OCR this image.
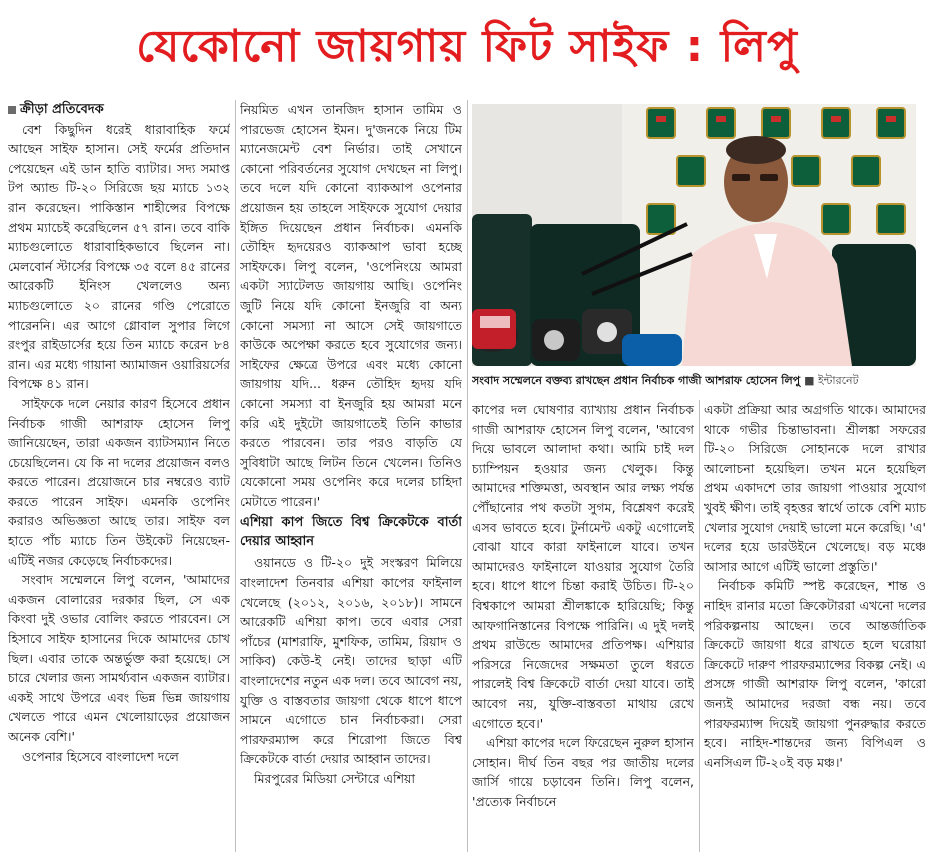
যেকোনো জায়গায় ফিট সাইফ : লিপু
ক্রীড়া প্রতিবেদক

বেশ কিছুদিন ধরেই ধারাবাহিক ফর্মে আছেন সাইফ হাসান। সেই ফর্মের প্রতিদান পেয়েছেন এই ডান হাতি ব্যাটার। সদ্য সমাপ্ত টপ অ্যান্ড টি-২০ সিরিজে ছয় ম্যাচে ১৩২ রান করেছেন। পাকিস্তান শাহীন্সের বিপক্ষে প্রথম ম্যাচেই করেছিলেন ৫৭ রান। তবে বাকি ম্যাচগুলোতে ধারাবাহিকভাবে ছিলেন না। মেলবোর্ন স্টার্সের বিপক্ষে ৩৫ বলে ৪৫ রানের আরেকটি ইনিংস খেললেও অন্য ম্যাচগুলোতে ২০ রানের গণ্ডি পেরোতে পারেননি। এর আগে গ্লোবাল সুপার লিগে রংপুর রাইডার্সের হয়ে তিন ম্যাচে করেন ৮৪ রান। এর মধ্যে গায়ানা অ্যামাজন ওয়ারিয়র্সের বিপক্ষে ৪১ রান।

সাইফকে দলে নেয়ার কারণ হিসেবে প্রধান নির্বাচক গাজী আশরাফ হোসেন লিপু জানিয়েছেন, তারা একজন ব্যাটসম্যান নিতে চেয়েছিলেন। যে কি না দলের প্রয়োজন বলও করতে পারেন। প্রয়োজনে চার নম্বরেও ব্যাট করতে পারেন সাইফ। এমনকি ওপেনিং করারও অভিজ্ঞতা আছে তার। সাইফ বল হাতে পাঁচ ম্যাচে তিন উইকেট নিয়েছেন- এটিই নজর কেড়েছে নির্বাচকদের।

সংবাদ সম্মেলনে লিপু বলেন, 'আমাদের একজন বোলারের দরকার ছিল, সে এক কিংবা দুই ওভার বোলিং করতে পারবেন। সে হিসাবে সাইফ হাসানের দিকে আমাদের চোখ ছিল। এবার তাকে অন্তর্ভুক্ত করা হয়েছে। সে চারে খেলার জন্য সামর্থ্যবান একজন ব্যাটার। একই সাথে উপরে এবং ভিন্ন ভিন্ন জায়গায় খেলতে পারে এমন খেলোয়াড়ের প্রয়োজন অনেক বেশি।'

ওপেনার হিসেবে বাংলাদেশ দলে

নিয়মিত এখন তানজিদ হাসান তামিম ও পারভেজ হোসেন ইমন। দু'জনকে নিয়ে টিম ম্যানেজমেন্ট বেশ নির্ভার। তাই সেখানে কোনো পরিবর্তনের সুযোগ দেখছেন না লিপু। তবে দলে যদি কোনো ব্যাকআপ ওপেনার প্রয়োজন হয় তাহলে সাইফকে সুযোগ দেয়ার ইঙ্গিত দিয়েছেন প্রধান নির্বাচক। এমনকি তৌহিদ হৃদয়েরও ব্যাকআপ ভাবা হচ্ছে সাইফকে। লিপু বলেন, 'ওপেনিংয়ে আমরা একটা স্যাটেলড জায়গায় আছি। ওপেনিং জুটি নিয়ে যদি কোনো ইনজুরি বা অন্য কোনো সমস্যা না আসে সেই জায়গাতে কাউকে অপেক্ষা করতে হবে সুযোগের জন্য। সাইফের ক্ষেত্রে উপরে এবং মধ্যে কোনো জায়গায় যদি... ধরুন তৌহিদ হৃদয় যদি কোনো সমস্যা বা ইনজুরি হয় আমরা মনে করি এই দুইটো জায়গাতেই তিনি কাভার করতে পারবেন। তার পরও বাড়তি যে সুবিধাটা আছে লিটন তিনে খেলেন। তিনিও যেকোনো সময় ওপেনিং করে দলের চাহিদা মেটাতে পারেন।'

এশিয়া কাপ জিতে বিশ্ব ক্রিকেটকে বার্তা দেয়ার আহ্বান

ওয়ানডে ও টি-২০ দুই সংস্করণ মিলিয়ে বাংলাদেশ তিনবার এশিয়া কাপের ফাইনাল খেলেছে (২০১২, ২০১৬, ২০১৮)। সামনে আরেকটি এশিয়া কাপ। তবে এবার সেরা পাঁচের (মাশরাফি, মুশফিক, তামিম, রিয়াদ ও সাকিব) কেউ-ই নেই। তাদের ছাড়া এটি বাংলাদেশের নতুন এক দল। তবে আবেগ নয়, যুক্তি ও বাস্তবতার জায়গা থেকে ধাপে ধাপে সামনে এগোতে চান নির্বাচকরা। সেরা পারফরম্যান্স করে শিরোপা জিতে বিশ্ব ক্রিকেটকে বার্তা দেয়ার আহ্বান তাদের।

মিরপুরের মিডিয়া সেন্টারে এশিয়া

সংবাদ সম্মেলনে বক্তব্য রাখছেন প্রধান নির্বাচক গাজী আশরাফ হোসেন লিপু ■ ইন্টারনেট

কাপের দল ঘোষণার ব্যাখ্যায় প্রধান নির্বাচক গাজী আশরাফ হোসেন লিপু বলেন, 'আবেগ দিয়ে ভাবলে আলাদা কথা। আমি চাই দল চ্যাম্পিয়ন হওয়ার জন্য খেলুক। কিন্তু আমাদের শক্তিমত্তা, অবস্থান আর লক্ষ্য পর্যন্ত পৌঁছানোর পথ কতটা সুগম, বিশ্লেষণ করেই এসব ভাবতে হবে। টুর্নামেন্ট একটু এগোলেই বোঝা যাবে কারা ফাইনালে যাবে। তখন আমাদেরও ফাইনালে যাওয়ার সুযোগ তৈরি হবে। ধাপে ধাপে চিন্তা করাই উচিত। টি-২০ বিশ্বকাপে আমরা শ্রীলঙ্কাকে হারিয়েছি; কিন্তু আফগানিস্তানের বিপক্ষে পারিনি। এ দুই দলই প্রথম রাউন্ডে আমাদের প্রতিপক্ষ। এশিয়ার পরিসরে নিজেদের সক্ষমতা তুলে ধরতে পারলেই বিশ্ব ক্রিকেটে বার্তা দেয়া যাবে। তাই আবেগ নয়, যুক্তি-বাস্তবতা মাথায় রেখে এগোতে হবে।'

এশিয়া কাপের দলে ফিরেছেন নুরুল হাসান সোহান। দীর্ঘ তিন বছর পর জাতীয় দলের জার্সি গায়ে চড়াবেন তিনি। লিপু বলেন, 'প্রত্যেক নির্বাচনে

একটা প্রক্রিয়া আর অগ্রগতি থাকে। আমাদের থাকে গভীর চিন্তাভাবনা। শ্রীলঙ্কা সফরের টি-২০ সিরিজে সোহানকে দলে রাখার আলোচনা হয়েছিল। তখন মনে হয়েছিল প্রথম একাদশে তার জায়গা পাওয়ার সুযোগ খুবই ক্ষীণ। তাই বৃহত্তর স্বার্থে তাকে বেশি ম্যাচ খেলার সুযোগ দেয়াই ভালো মনে করেছি। 'এ' দলের হয়ে ডারউইনে খেলেছে। বড় মঞ্চে আসার আগে এটিই ভালো প্রস্তুতি।'

নির্বাচক কমিটি স্পষ্ট করেছেন, শান্ত ও নাহিদ রানার মতো ক্রিকেটাররা এখনো দলের পরিকল্পনায় আছেন। তবে আন্তর্জাতিক ক্রিকেটে জায়গা ধরে রাখতে হলে ঘরোয়া ক্রিকেটে দারুণ পারফরম্যান্সের বিকল্প নেই। এ প্রসঙ্গে গাজী আশরাফ লিপু বলেন, 'কারো জন্যই আমাদের দরজা বন্ধ নয়। তবে পারফরম্যান্স দিয়েই জায়গা পুনরুদ্ধার করতে হবে। নাহিদ-শান্তদের জন্য বিপিএল ও এনসিএল টি-২০ই বড় মঞ্চ।'
